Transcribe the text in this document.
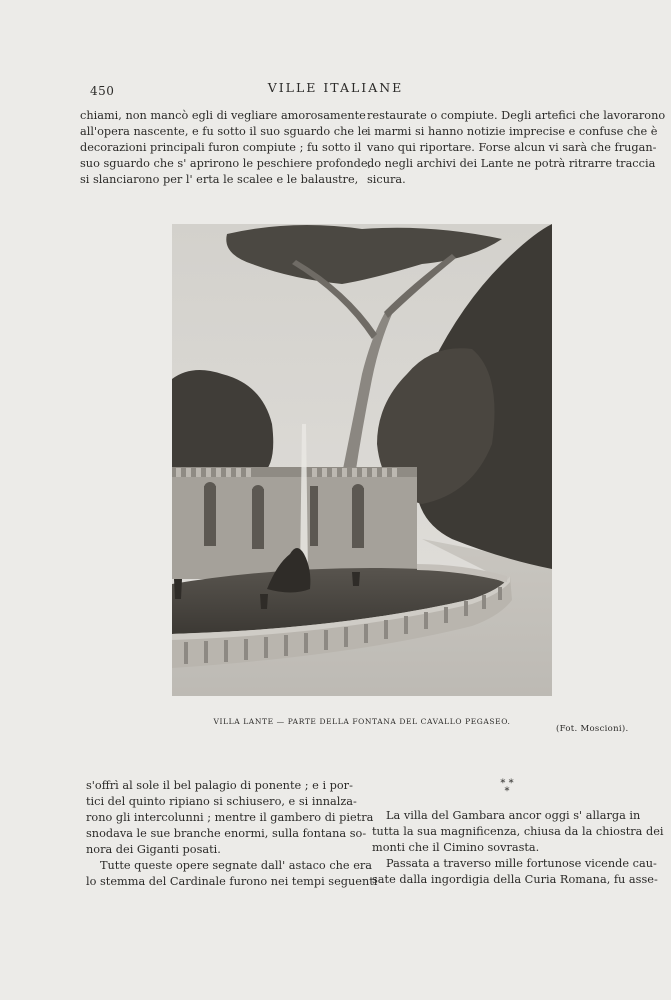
450	VILLE ITALIANE
chiami, non mancò egli di vegliare amorosamente
all'opera nascente, e fu sotto il suo sguardo che le
decorazioni principali furon compiute ; fu sotto il
suo sguardo che s' aprirono le peschiere profonde,
si slanciarono per l' erta le scalee e le balaustre,
restaurate o compiute. Degli artefici che lavorarono
i marmi si hanno notizie imprecise e confuse che è
vano qui riportare. Forse alcun vi sarà che frugan-
do negli archivi dei Lante ne potrà ritrarre traccia
sicura.
VILLA LANTE — PARTE DELLA FONTANA DEL CAVALLO PEGASEO.
(Fot. Moscioni).
s'offrì al sole il bel palagio di ponente ; e i por-
tici del quinto ripiano si schiusero, e si innalza-
rono gli intercolunni ; mentre il gambero di pietra
snodava le sue branche enormi, sulla fontana so-
nora dei Giganti posati.
Tutte queste opere segnate dall' astaco che era
lo stemma del Cardinale furono nei tempi seguenti
* * *
La villa del Gambara ancor oggi s' allarga in
tutta la sua magnificenza, chiusa da la chiostra dei
monti che il Cimino sovrasta.
Passata a traverso mille fortunose vicende cau-
sate dalla ingordigia della Curia Romana, fu asse-
